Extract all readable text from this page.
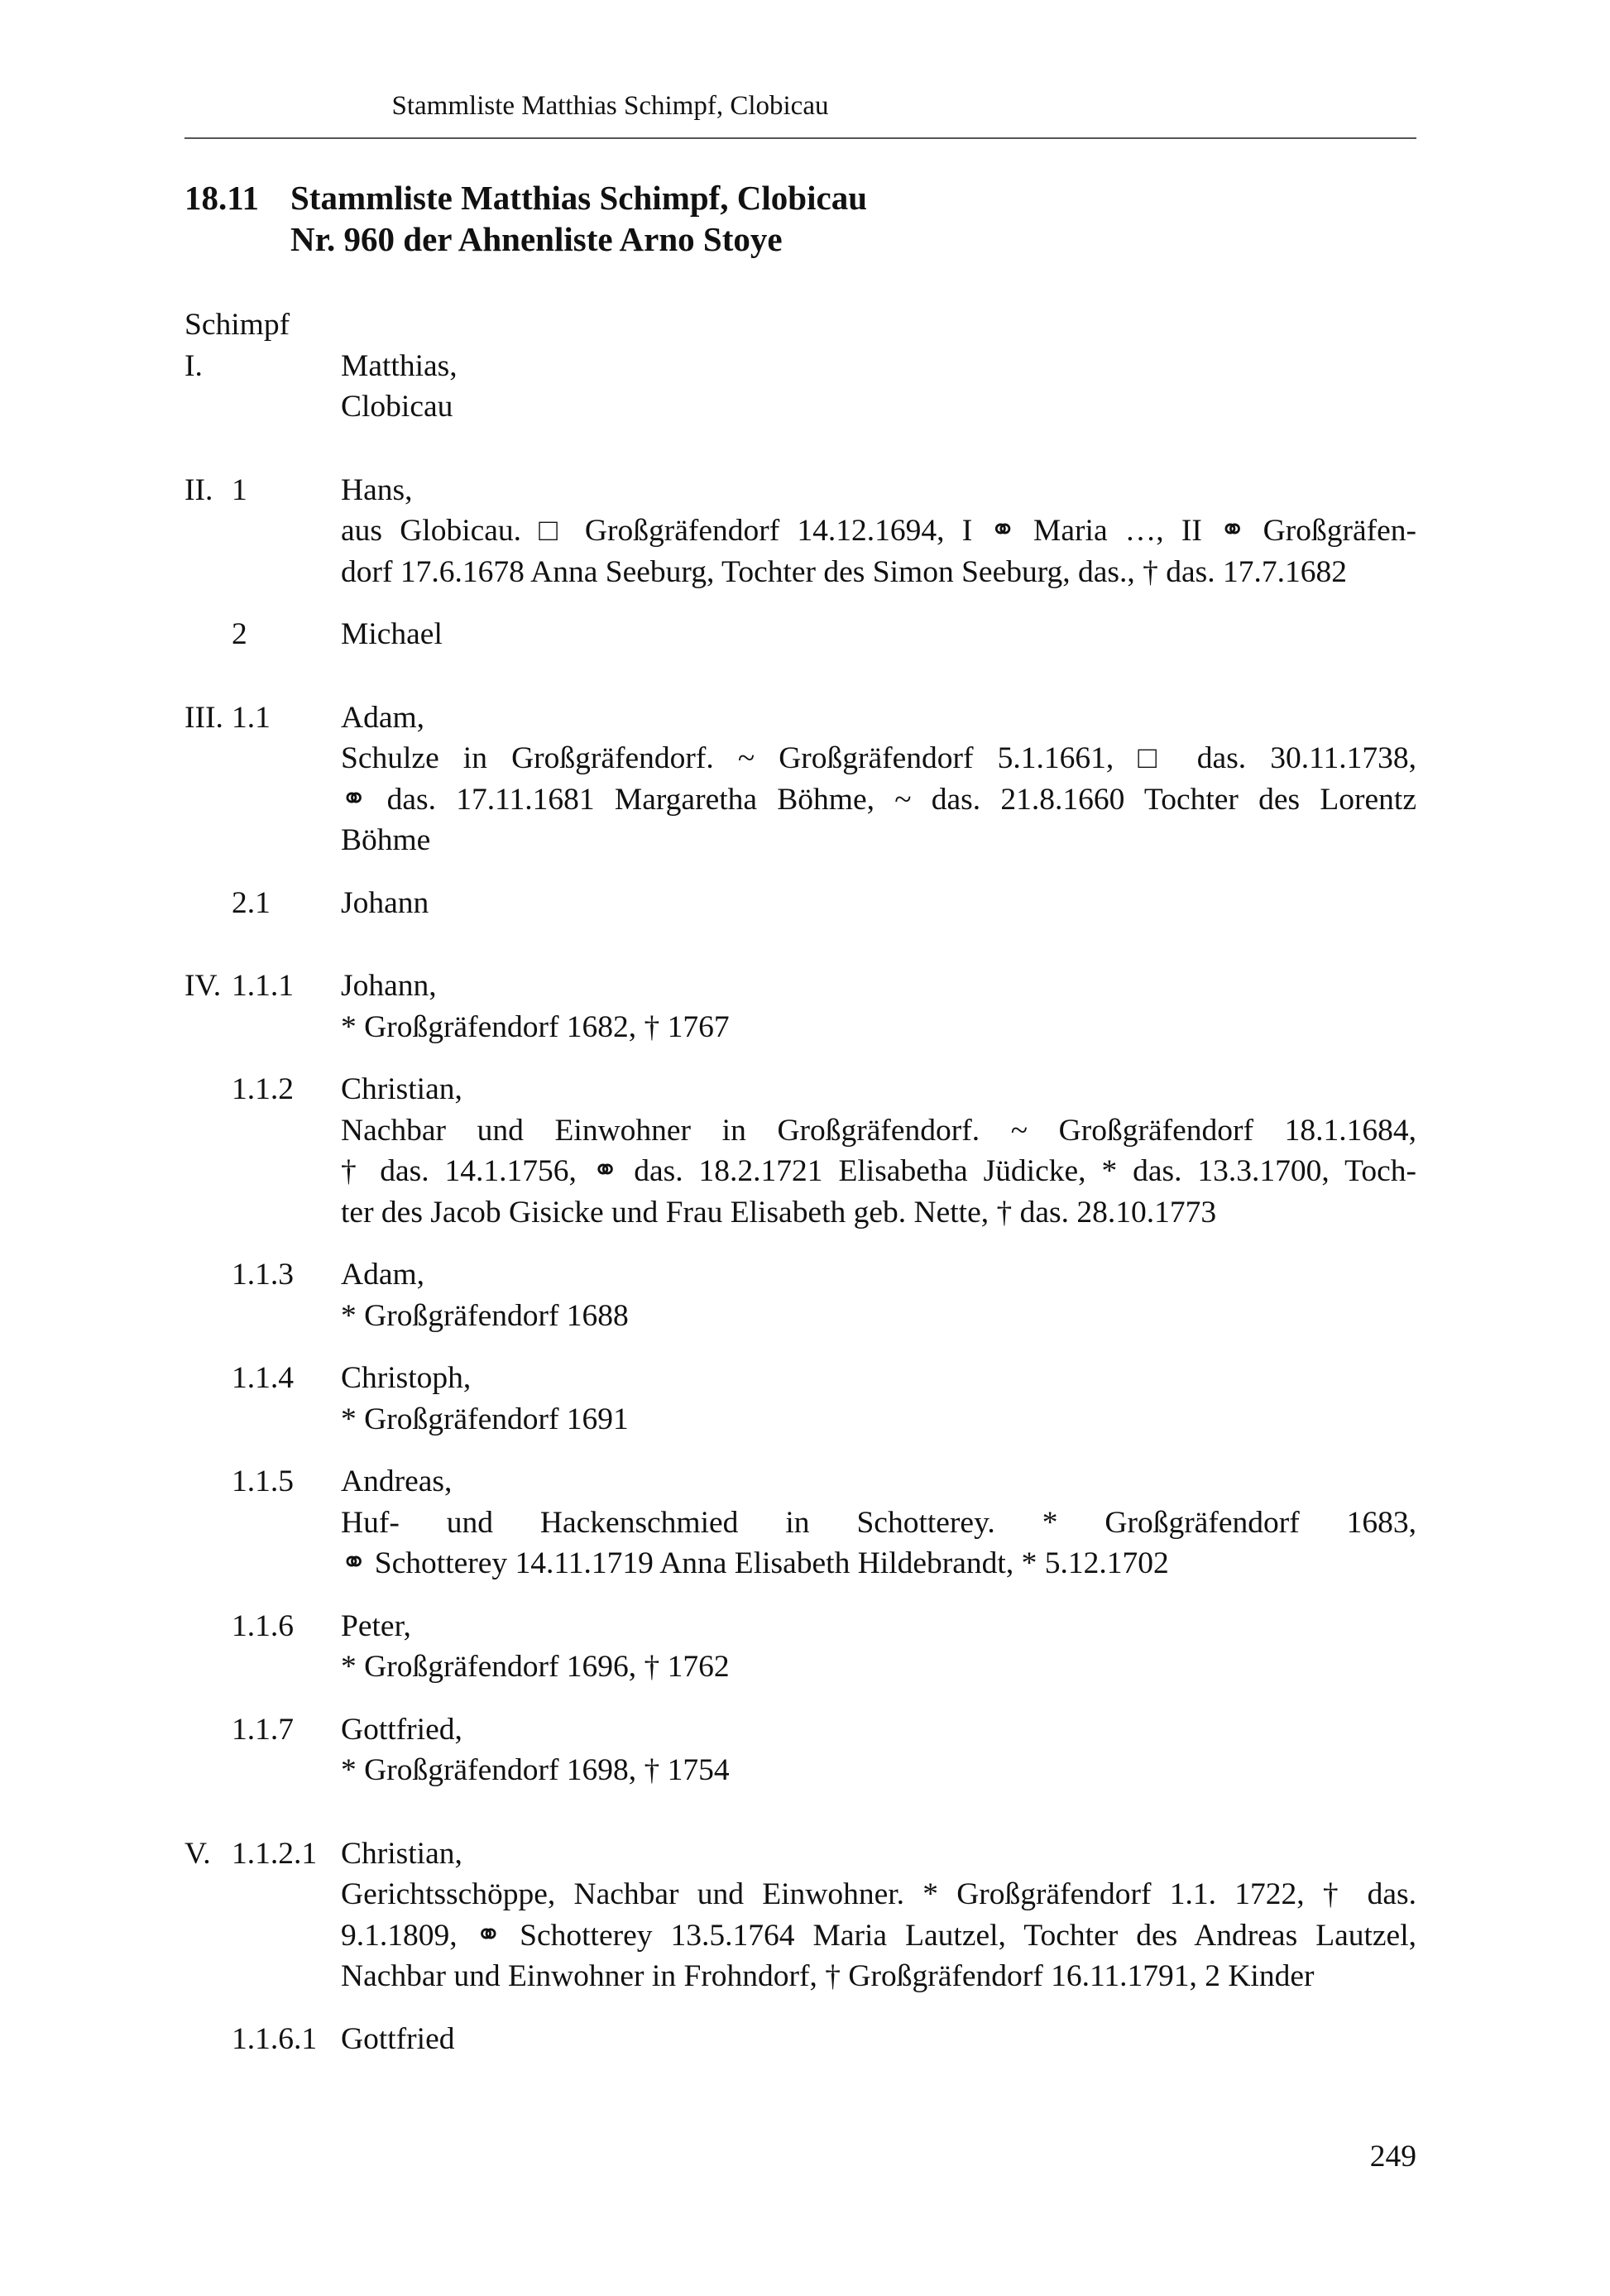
Stammliste Matthias Schimpf, Clobicau
18.11 Stammliste Matthias Schimpf, Clobicau
Nr. 960 der Ahnenliste Arno Stoye
Schimpf
I.	Matthias,
Clobicau
II. 1	Hans,
aus Globicau. □ Großgräfendorf 14.12.1694, I ⚭ Maria …, II ⚭ Großgräfen-
dorf 17.6.1678 Anna Seeburg, Tochter des Simon Seeburg, das., † das. 17.7.1682
2	Michael
III. 1.1 Adam,
Schulze in Großgräfendorf. ~ Großgräfendorf 5.1.1661, □ das. 30.11.1738,
⚭ das. 17.11.1681 Margaretha Böhme, ~ das. 21.8.1660 Tochter des Lorentz
Böhme
2.1 Johann
IV. 1.1.1 Johann,
* Großgräfendorf 1682, † 1767
1.1.2 Christian,
Nachbar und Einwohner in Großgräfendorf. ~ Großgräfendorf 18.1.1684,
† das. 14.1.1756, ⚭ das. 18.2.1721 Elisabetha Jüdicke, * das. 13.3.1700, Toch-
ter des Jacob Gisicke und Frau Elisabeth geb. Nette, † das. 28.10.1773
1.1.3 Adam,
* Großgräfendorf 1688
1.1.4 Christoph,
* Großgräfendorf 1691
1.1.5 Andreas,
Huf- und Hackenschmied in Schotterey. * Großgräfendorf 1683,
⚭ Schotterey 14.11.1719 Anna Elisabeth Hildebrandt, * 5.12.1702
1.1.6 Peter,
* Großgräfendorf 1696, † 1762
1.1.7 Gottfried,
* Großgräfendorf 1698, † 1754
V. 1.1.2.1 Christian,
Gerichtsschöppe, Nachbar und Einwohner. * Großgräfendorf 1.1. 1722, † das.
9.1.1809, ⚭ Schotterey 13.5.1764 Maria Lautzel, Tochter des Andreas Lautzel,
Nachbar und Einwohner in Frohndorf, † Großgräfendorf 16.11.1791, 2 Kinder
1.1.6.1 Gottfried
249
